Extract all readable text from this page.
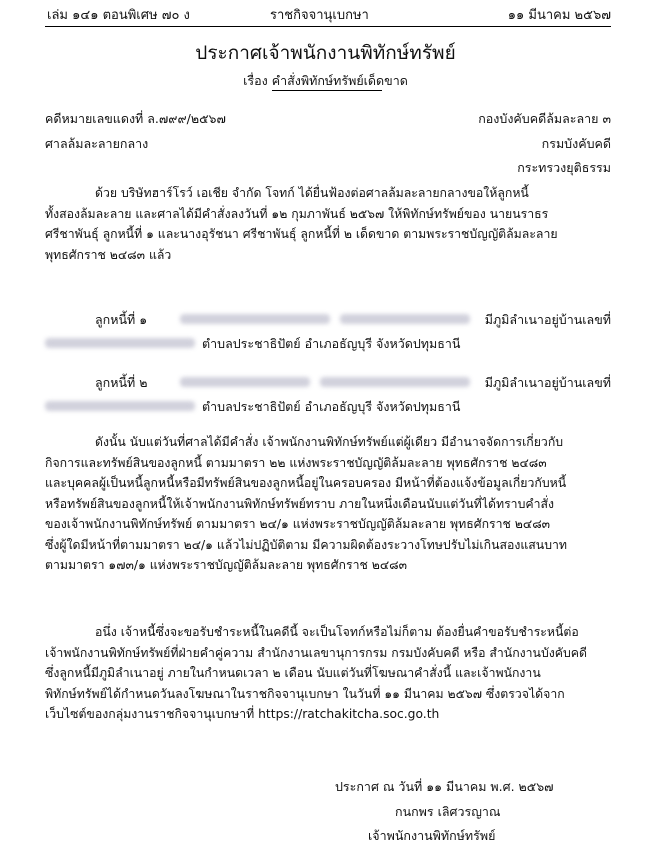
เล่ม ๑๔๑ ตอนพิเศษ ๗๐ ง	ราชกิจจานุเบกษา	๑๑ มีนาคม ๒๕๖๗
ประกาศเจ้าพนักงานพิทักษ์ทรัพย์
เรื่อง คำสั่งพิทักษ์ทรัพย์เด็ดขาด
คดีหมายเลขแดงที่ ล.๗๙๙/๒๕๖๗
ศาลล้มละลายกลาง
กองบังคับคดีล้มละลาย ๓
กรมบังคับคดี
กระทรวงยุติธรรม
ด้วย บริษัทฮาร์โรว์ เอเชีย จำกัด โจทก์ ได้ยื่นฟ้องต่อศาลล้มละลายกลางขอให้ลูกหนี้
ทั้งสองล้มละลาย และศาลได้มีคำสั่งลงวันที่ ๑๒ กุมภาพันธ์ ๒๕๖๗ ให้พิทักษ์ทรัพย์ของ นายนราธร
ศรีชาพันธุ์ ลูกหนี้ที่ ๑ และนางอุรัชนา ศรีชาพันธุ์ ลูกหนี้ที่ ๒ เด็ดขาด ตามพระราชบัญญัติล้มละลาย
พุทธศักราช ๒๔๘๓ แล้ว
ลูกหนี้ที่ ๑	มีภูมิลำเนาอยู่บ้านเลขที่
ตำบลประชาธิปัตย์ อำเภอธัญบุรี จังหวัดปทุมธานี
ลูกหนี้ที่ ๒	มีภูมิลำเนาอยู่บ้านเลขที่
ตำบลประชาธิปัตย์ อำเภอธัญบุรี จังหวัดปทุมธานี
ดังนั้น นับแต่วันที่ศาลได้มีคำสั่ง เจ้าพนักงานพิทักษ์ทรัพย์แต่ผู้เดียว มีอำนาจจัดการเกี่ยวกับ
กิจการและทรัพย์สินของลูกหนี้ ตามมาตรา ๒๒ แห่งพระราชบัญญัติล้มละลาย พุทธศักราช ๒๔๘๓
และบุคคลผู้เป็นหนี้ลูกหนี้หรือมีทรัพย์สินของลูกหนี้อยู่ในครอบครอง มีหน้าที่ต้องแจ้งข้อมูลเกี่ยวกับหนี้
หรือทรัพย์สินของลูกหนี้ให้เจ้าพนักงานพิทักษ์ทรัพย์ทราบ ภายในหนึ่งเดือนนับแต่วันที่ได้ทราบคำสั่ง
ของเจ้าพนักงานพิทักษ์ทรัพย์ ตามมาตรา ๒๔/๑ แห่งพระราชบัญญัติล้มละลาย พุทธศักราช ๒๔๘๓
ซึ่งผู้ใดมีหน้าที่ตามมาตรา ๒๔/๑ แล้วไม่ปฏิบัติตาม มีความผิดต้องระวางโทษปรับไม่เกินสองแสนบาท
ตามมาตรา ๑๗๓/๑ แห่งพระราชบัญญัติล้มละลาย พุทธศักราช ๒๔๘๓
อนึ่ง เจ้าหนี้ซึ่งจะขอรับชำระหนี้ในคดีนี้ จะเป็นโจทก์หรือไม่ก็ตาม ต้องยื่นคำขอรับชำระหนี้ต่อ
เจ้าพนักงานพิทักษ์ทรัพย์ที่ฝ่ายคำคู่ความ สำนักงานเลขานุการกรม กรมบังคับคดี หรือ สำนักงานบังคับคดี
ซึ่งลูกหนี้มีภูมิลำเนาอยู่ ภายในกำหนดเวลา ๒ เดือน นับแต่วันที่โฆษณาคำสั่งนี้ และเจ้าพนักงาน
พิทักษ์ทรัพย์ได้กำหนดวันลงโฆษณาในราชกิจจานุเบกษา ในวันที่ ๑๑ มีนาคม ๒๕๖๗ ซึ่งตรวจได้จาก
เว็บไซต์ของกลุ่มงานราชกิจจานุเบกษาที่ https://ratchakitcha.soc.go.th
ประกาศ ณ วันที่ ๑๑ มีนาคม พ.ศ. ๒๕๖๗
กนกพร เลิศวรญาณ
เจ้าพนักงานพิทักษ์ทรัพย์
